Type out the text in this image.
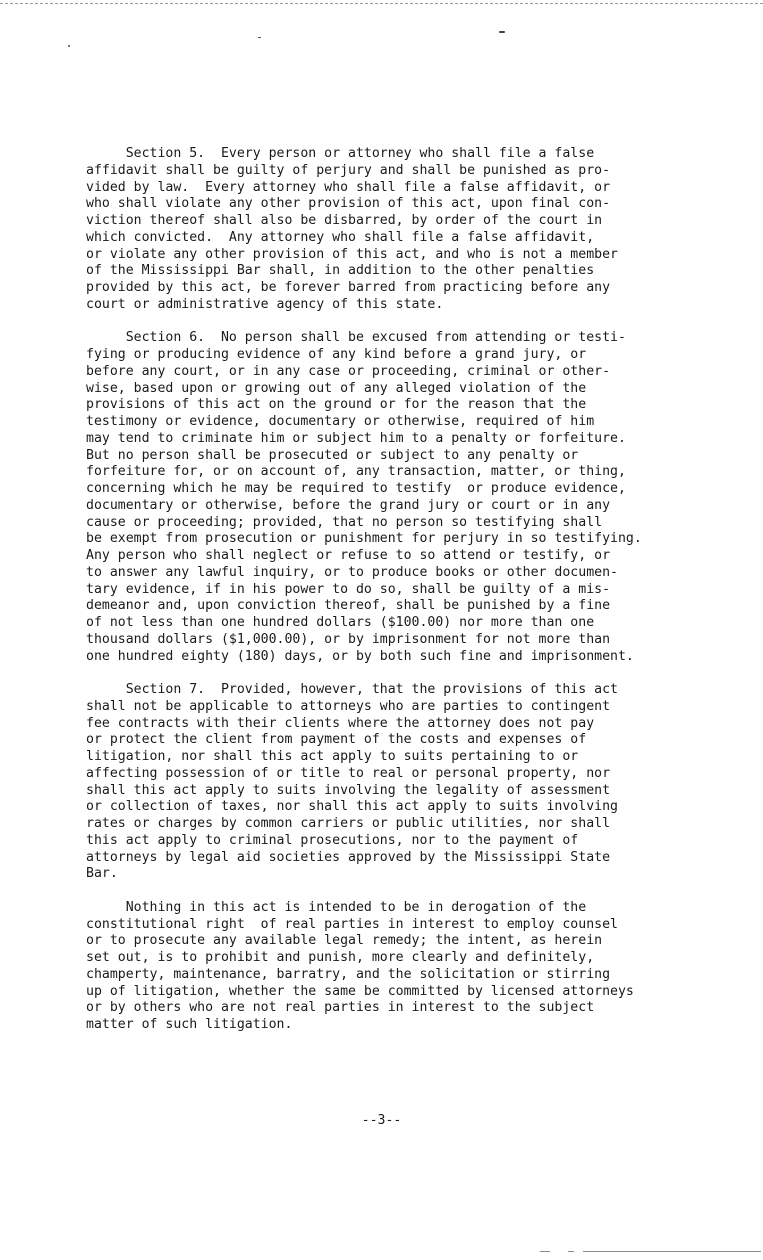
Section 5.  Every person or attorney who shall file a false
affidavit shall be guilty of perjury and shall be punished as pro-
vided by law.  Every attorney who shall file a false affidavit, or
who shall violate any other provision of this act, upon final con-
viction thereof shall also be disbarred, by order of the court in
which convicted.  Any attorney who shall file a false affidavit,
or violate any other provision of this act, and who is not a member
of the Mississippi Bar shall, in addition to the other penalties
provided by this act, be forever barred from practicing before any
court or administrative agency of this state.
Section 6.  No person shall be excused from attending or testi-
fying or producing evidence of any kind before a grand jury, or
before any court, or in any case or proceeding, criminal or other-
wise, based upon or growing out of any alleged violation of the
provisions of this act on the ground or for the reason that the
testimony or evidence, documentary or otherwise, required of him
may tend to criminate him or subject him to a penalty or forfeiture.
But no person shall be prosecuted or subject to any penalty or
forfeiture for, or on account of, any transaction, matter, or thing,
concerning which he may be required to testify  or produce evidence,
documentary or otherwise, before the grand jury or court or in any
cause or proceeding; provided, that no person so testifying shall
be exempt from prosecution or punishment for perjury in so testifying.
Any person who shall neglect or refuse to so attend or testify, or
to answer any lawful inquiry, or to produce books or other documen-
tary evidence, if in his power to do so, shall be guilty of a mis-
demeanor and, upon conviction thereof, shall be punished by a fine
of not less than one hundred dollars ($100.00) nor more than one
thousand dollars ($1,000.00), or by imprisonment for not more than
one hundred eighty (180) days, or by both such fine and imprisonment.
Section 7.  Provided, however, that the provisions of this act
shall not be applicable to attorneys who are parties to contingent
fee contracts with their clients where the attorney does not pay
or protect the client from payment of the costs and expenses of
litigation, nor shall this act apply to suits pertaining to or
affecting possession of or title to real or personal property, nor
shall this act apply to suits involving the legality of assessment
or collection of taxes, nor shall this act apply to suits involving
rates or charges by common carriers or public utilities, nor shall
this act apply to criminal prosecutions, nor to the payment of
attorneys by legal aid societies approved by the Mississippi State
Bar.
Nothing in this act is intended to be in derogation of the
constitutional right  of real parties in interest to employ counsel
or to prosecute any available legal remedy; the intent, as herein
set out, is to prohibit and punish, more clearly and definitely,
champerty, maintenance, barratry, and the solicitation or stirring
up of litigation, whether the same be committed by licensed attorneys
or by others who are not real parties in interest to the subject
matter of such litigation.
--3--
